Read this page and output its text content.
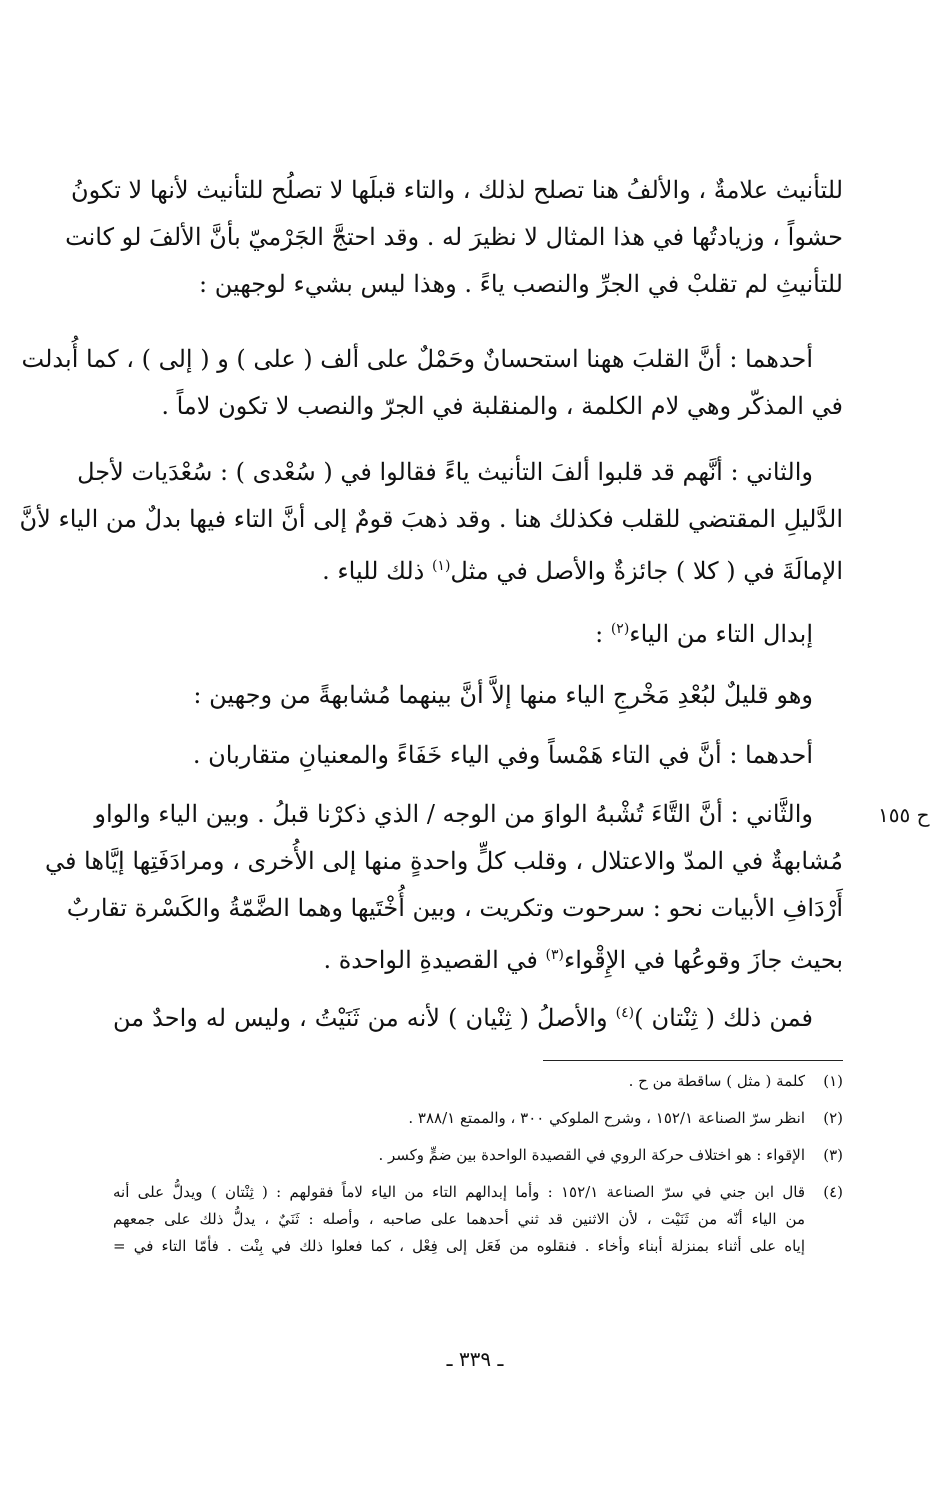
للتأنيث علامةٌ ، والألفُ هنا تصلح لذلك ، والتاء قبلَها لا تصلُح للتأنيث لأنها لا تكونُ
حشواً ، وزيادتُها في هذا المثال لا نظيرَ له . وقد احتجَّ الجَرْميّ بأنَّ الألفَ لو كانت
للتأنيثِ لم تقلبْ في الجرِّ والنصب ياءً . وهذا ليس بشيء لوجهين :
أحدهما : أنَّ القلبَ ههنا استحسانٌ وحَمْلٌ على ألف ( على ) و ( إلى ) ، كما أُبدلت
في المذكّر وهي لام الكلمة ، والمنقلبة في الجرّ والنصب لا تكون لاماً .
والثاني : أنَّهم قد قلبوا ألفَ التأنيث ياءً فقالوا في ( سُعْدى ) : سُعْدَيات لأجل
الدَّليلِ المقتضي للقلب فكذلك هنا . وقد ذهبَ قومٌ إلى أنَّ التاء فيها بدلٌ من الياء لأنَّ
الإمالَةَ في ( كلا ) جائزةٌ والأصل في مثل$^{(١)}$ ذلك للياء .
إبدال التاء من الياء$^{(٢)}$ :
وهو قليلٌ لبُعْدِ مَخْرجِ الياء منها إلاَّ أنَّ بينهما مُشابهةً من وجهين :
أحدهما : أنَّ في التاء هَمْساً وفي الياء خَفَاءً والمعنيانِ متقاربان .
ح ١٥٥
والثَّاني : أنَّ التَّاءَ تُشْبهُ الواوَ من الوجه / الذي ذكرْنا قبلُ . وبين الياء والواو
مُشابهةٌ في المدّ والاعتلال ، وقلب كلٍّ واحدةٍ منها إلى الأُخرى ، ومرادَفَتِها إيَّاها في
أَرْدَافِ الأبيات نحو : سرحوت وتكريت ، وبين أُخْتَيها وهما الضَّمّةُ والكَسْرة تقاربٌ
بحيث جازَ وقوعُها في الإِقْواء$^{(٣)}$ في القصيدةِ الواحدة .
فمن ذلك ( ثِنْتان )$^{(٤)}$ والأصلُ ( ثِنْيان ) لأنه من ثَنَيْتُ ، وليس له واحدٌ من
(١)
كلمة ( مثل ) ساقطة من ح .
(٢)
انظر سرّ الصناعة ١٥٢/١ ، وشرح الملوكي ٣٠٠ ، والممتع ٣٨٨/١ .
(٣)
الإقواء : هو اختلاف حركة الروي في القصيدة الواحدة بين ضمٍّ وكسر .
(٤)
قال ابن جني في سرّ الصناعة ١٥٢/١ : وأما إبدالهم التاء من الياء لاماً فقولهم : ( ثِنْتان ) ويدلُّ على أنه
من الياء أنّه من ثَنَيْت ، لأن الاثنين قد ثني أحدهما على صاحبه ، وأصله : ثَنَيٌ ، يدلُّ ذلك على جمعهم
إياه على أثناء بمنزلة أبناء وأخاء . فنقلوه من فَعَل إلى فِعْل ، كما فعلوا ذلك في بِنْت . فأمّا التاء في =
ـ ٣٣٩ ـ
